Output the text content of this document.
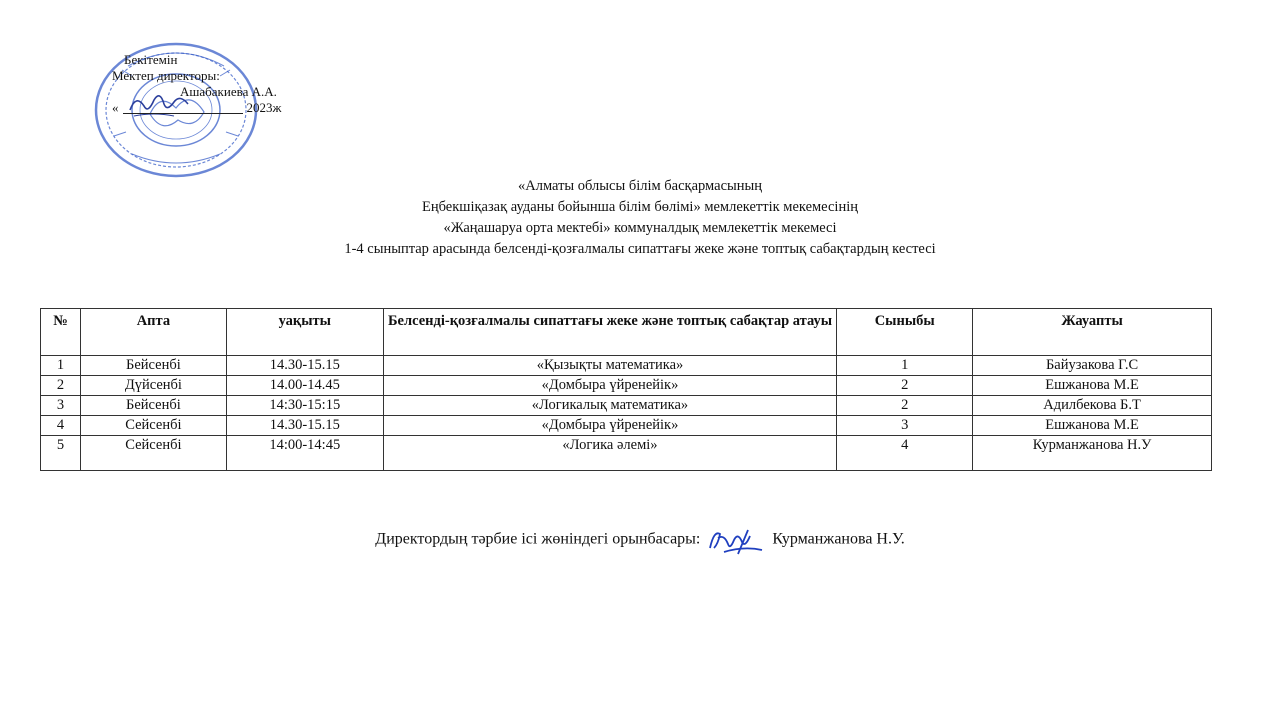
Бекітемін
Мектеп директоры:
Ашабакиева А.А.
«	2023ж
«Алматы облысы білім басқармасының
Еңбекшіқазақ ауданы бойынша білім бөлімі» мемлекеттік мекемесінің
«Жаңашаруа орта мектебі» коммуналдық мемлекеттік мекемесі
1-4 сыныптар арасында белсенді-қозғалмалы сипаттағы жеке және топтық сабақтардың кестесі
№	Апта	уақыты	Белсенді-қозғалмалы сипаттағы жеке және топтық сабақтар атауы	Сыныбы	Жауапты
1	Бейсенбі	14.30-15.15	«Қызықты математика»	1	Байузакова Г.С
2	Дүйсенбі	14.00-14.45	«Домбыра үйренейік»	2	Ешжанова М.Е
3	Бейсенбі	14:30-15:15	«Логикалық математика»	2	Адилбекова Б.Т
4	Сейсенбі	14.30-15.15	«Домбыра үйренейік»	3	Ешжанова М.Е
5	Сейсенбі	14:00-14:45	«Логика әлемі»	4	Курманжанова Н.У
Директордың тәрбие ісі жөніндегі орынбасары:	Курманжанова Н.У.
